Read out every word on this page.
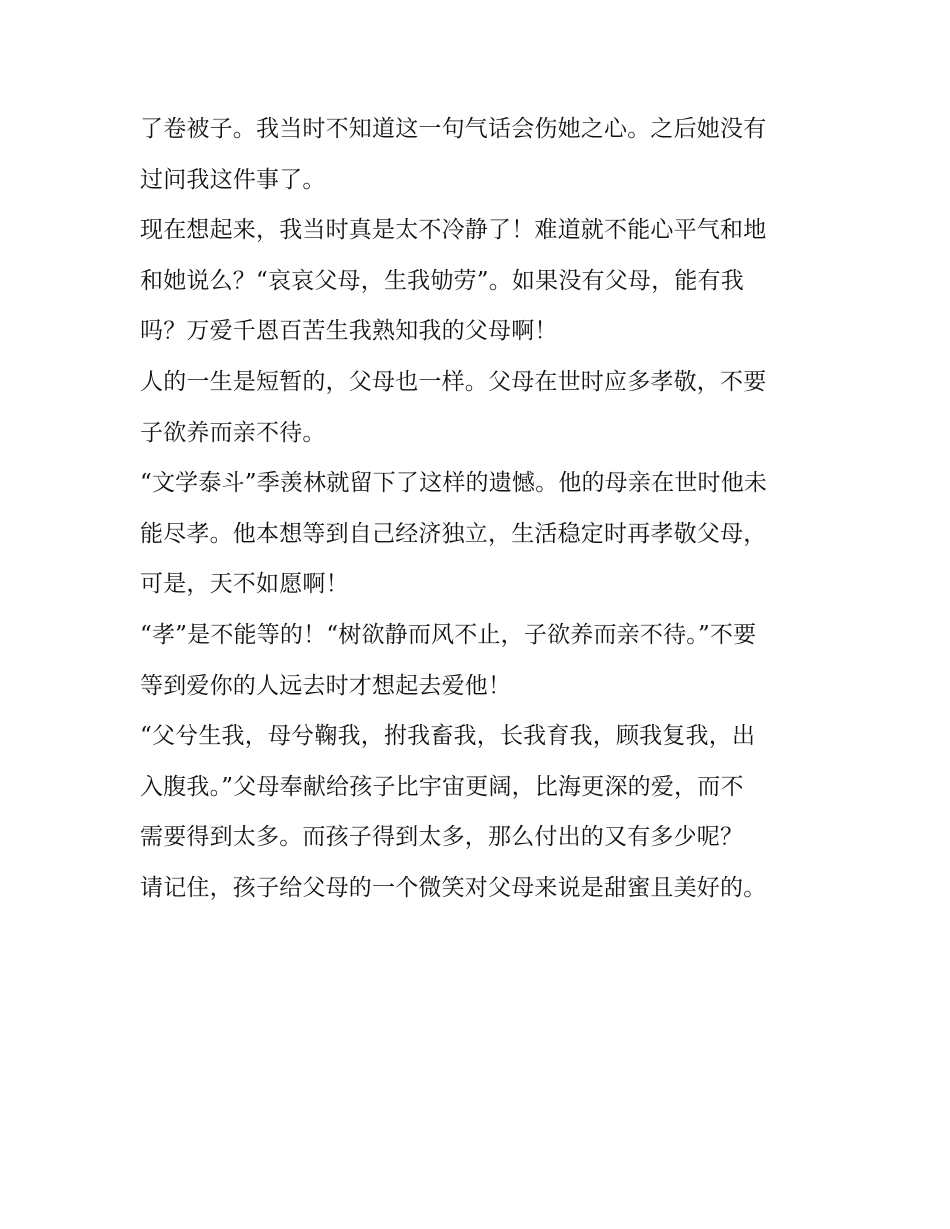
了卷被子。我当时不知道这一句气话会伤她之心。之后她没有
过问我这件事了。
现在想起来，我当时真是太不冷静了！难道就不能心平气和地
和她说么？“哀哀父母，生我劬劳”。如果没有父母，能有我
吗？万爱千恩百苦生我熟知我的父母啊！
人的一生是短暂的，父母也一样。父母在世时应多孝敬，不要
子欲养而亲不待。
“文学泰斗”季羡林就留下了这样的遗憾。他的母亲在世时他未
能尽孝。他本想等到自己经济独立，生活稳定时再孝敬父母，
可是，天不如愿啊！
“孝”是不能等的！“树欲静而风不止，子欲养而亲不待。”不要
等到爱你的人远去时才想起去爱他！
“父兮生我，母兮鞠我，拊我畜我，长我育我，顾我复我，出
入腹我。”父母奉献给孩子比宇宙更阔，比海更深的爱，而不
需要得到太多。而孩子得到太多，那么付出的又有多少呢？
请记住，孩子给父母的一个微笑对父母来说是甜蜜且美好的。
